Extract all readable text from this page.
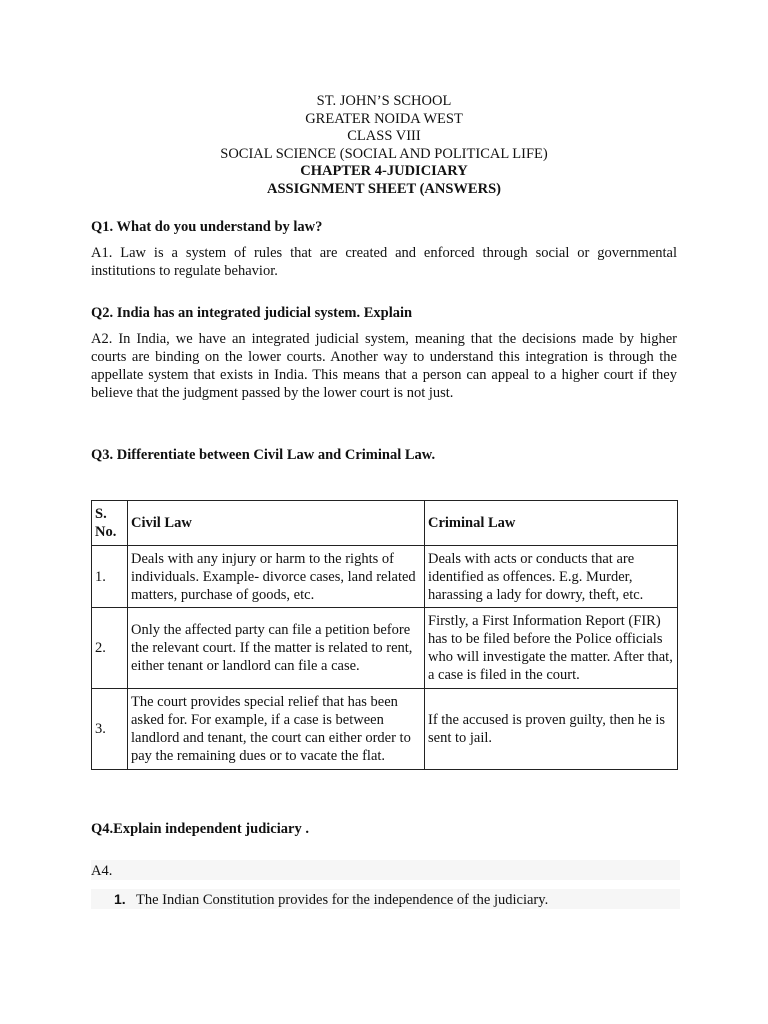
ST. JOHN’S SCHOOL
GREATER NOIDA WEST
CLASS VIII
SOCIAL SCIENCE (SOCIAL AND POLITICAL LIFE)
CHAPTER 4-JUDICIARY
ASSIGNMENT SHEET (ANSWERS)
Q1. What do you understand by law?
A1. Law is a system of rules that are created and enforced through social or governmental institutions to regulate behavior.
Q2. India has an integrated judicial system. Explain
A2. In India, we have an integrated judicial system, meaning that the decisions made by higher courts are binding on the lower courts. Another way to understand this integration is through the appellate system that exists in India. This means that a person can appeal to a higher court if they believe that the judgment passed by the lower court is not just.
Q3. Differentiate between Civil Law and Criminal Law.
S. No.	Civil Law	Criminal Law
1.	Deals with any injury or harm to the rights of individuals. Example- divorce cases, land related matters, purchase of goods, etc.	Deals with acts or conducts that are identified as offences. E.g. Murder, harassing a lady for dowry, theft, etc.
2.	Only the affected party can file a petition before the relevant court. If the matter is related to rent, either tenant or landlord can file a case.	Firstly, a First Information Report (FIR) has to be filed before the Police officials who will investigate the matter. After that, a case is filed in the court.
3.	The court provides special relief that has been asked for. For example, if a case is between landlord and tenant, the court can either order to pay the remaining dues or to vacate the flat.	If the accused is proven guilty, then he is sent to jail.
Q4.Explain independent judiciary .
A4.
1. The Indian Constitution provides for the independence of the judiciary.
